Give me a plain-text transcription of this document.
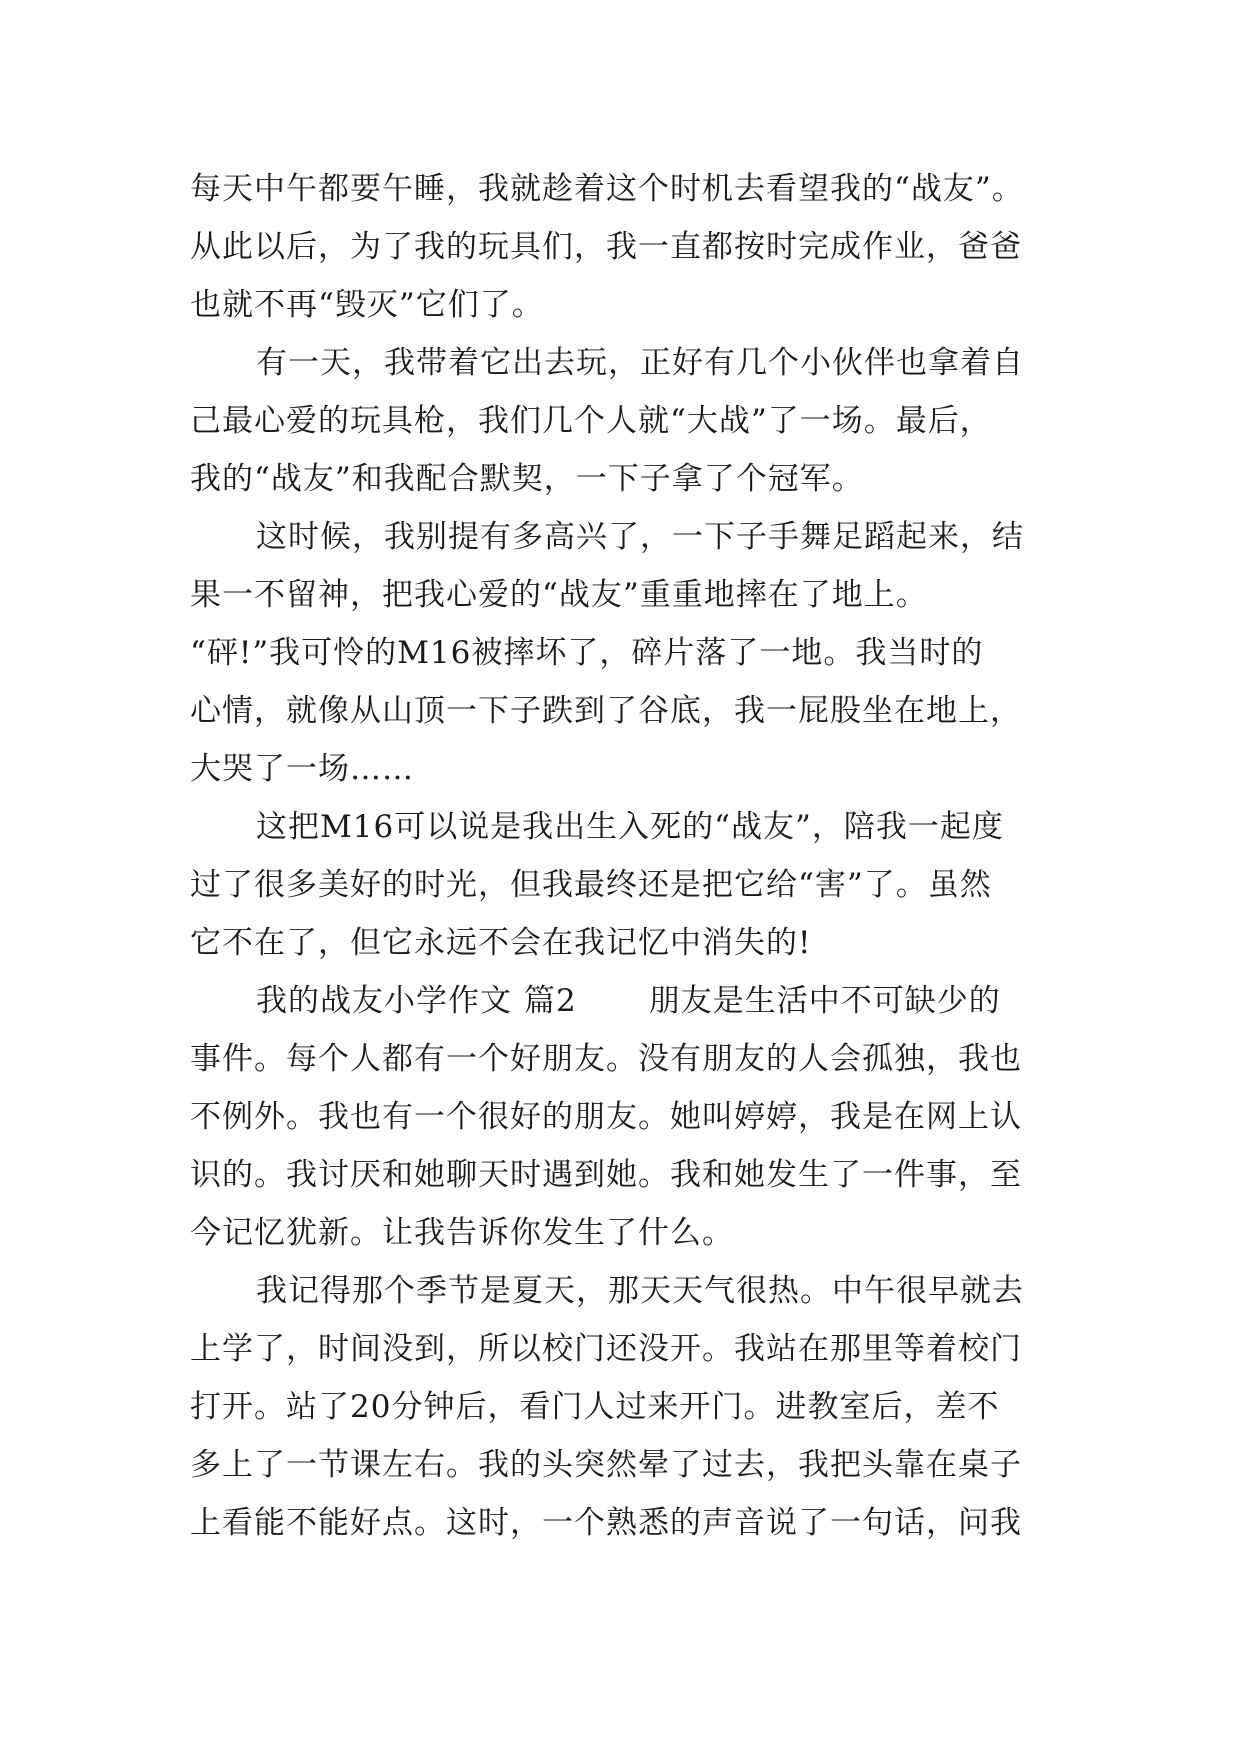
每天中午都要午睡，我就趁着这个时机去看望我的“战友”。
从此以后，为了我的玩具们，我一直都按时完成作业，爸爸
也就不再“毁灭”它们了。
有一天，我带着它出去玩，正好有几个小伙伴也拿着自
己最心爱的玩具枪，我们几个人就“大战”了一场。最后，
我的“战友”和我配合默契，一下子拿了个冠军。
这时候，我别提有多高兴了，一下子手舞足蹈起来，结
果一不留神，把我心爱的“战友”重重地摔在了地上。
“砰!”我可怜的M16被摔坏了，碎片落了一地。我当时的
心情，就像从山顶一下子跌到了谷底，我一屁股坐在地上，
大哭了一场……
这把M16可以说是我出生入死的“战友”，陪我一起度
过了很多美好的时光，但我最终还是把它给“害”了。虽然
它不在了，但它永远不会在我记忆中消失的!
我的战友小学作文 篇2 朋友是生活中不可缺少的
事件。每个人都有一个好朋友。没有朋友的人会孤独，我也
不例外。我也有一个很好的朋友。她叫婷婷，我是在网上认
识的。我讨厌和她聊天时遇到她。我和她发生了一件事，至
今记忆犹新。让我告诉你发生了什么。
我记得那个季节是夏天，那天天气很热。中午很早就去
上学了，时间没到，所以校门还没开。我站在那里等着校门
打开。站了20分钟后，看门人过来开门。进教室后，差不
多上了一节课左右。我的头突然晕了过去，我把头靠在桌子
上看能不能好点。这时，一个熟悉的声音说了一句话，问我
